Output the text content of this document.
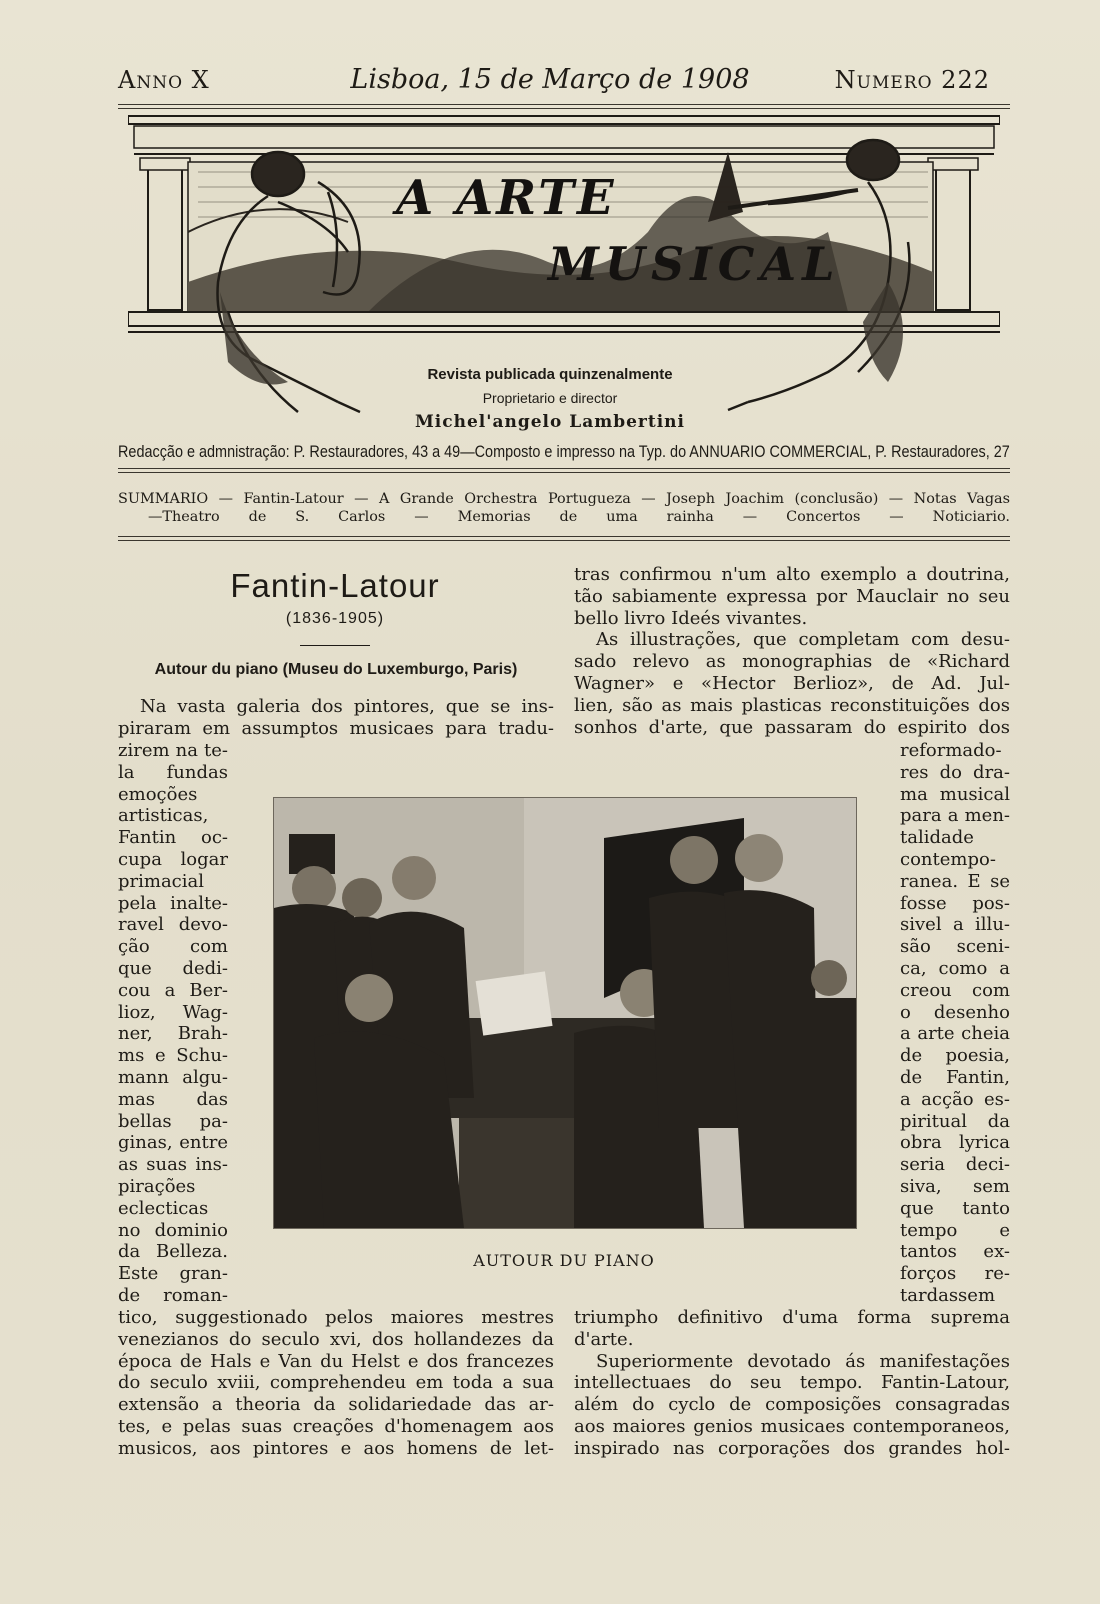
Anno X	Lisboa, 15 de Março de 1908	Numero 222
A ARTE
MUSICAL
Revista publicada quinzenalmente
Proprietario e director
Michel'angelo Lambertini
Redacção e admnistração: P. Restauradores, 43 a 49—Composto e impresso na Typ. do ANNUARIO COMMERCIAL, P. Restauradores, 27
SUMMARIO — Fantin-Latour — A Grande Orchestra Portugueza — Joseph Joachim (conclusão) — Notas Vagas
—Theatro de S. Carlos — Memorias de uma rainha — Concertos — Noticiario.
Fantin-Latour
(1836-1905)
Autour du piano (Museu do Luxemburgo, Paris)
AUTOUR DU PIANO
Na vasta galeria dos pintores, que se ins-
piraram em assumptos musicaes para tradu-
zirem na te-
la fundas
emoções
artisticas,
Fantin oc-
cupa logar
primacial
pela inalte-
ravel devo-
ção com
que dedi-
cou a Ber-
lioz, Wag-
ner, Brah-
ms e Schu-
mann algu-
mas das
bellas pa-
ginas, entre
as suas ins-
pirações
eclecticas
no dominio
da Belleza.
Este gran-
de roman-
tico, suggestionado pelos maiores mestres
venezianos do seculo xvi, dos hollandezes da
época de Hals e Van du Helst e dos francezes
do seculo xviii, comprehendeu em toda a sua
extensão a theoria da solidariedade das ar-
tes, e pelas suas creações d'homenagem aos
musicos, aos pintores e aos homens de let-
tras confirmou n'um alto exemplo a doutrina,
tão sabiamente expressa por Mauclair no seu
bello livro Ideés vivantes.
As illustrações, que completam com desu-
sado relevo as monographias de «Richard
Wagner» e «Hector Berlioz», de Ad. Jul-
lien, são as mais plasticas reconstituições dos
sonhos d'arte, que passaram do espirito dos
reformado-
res do dra-
ma musical
para a men-
talidade
contempo-
ranea. E se
fosse pos-
sivel a illu-
são sceni-
ca, como a
creou com
o desenho
a arte cheia
de poesia,
de Fantin,
a acção es-
piritual da
obra lyrica
seria deci-
siva, sem
que tanto
tempo e
tantos ex-
forços re-
tardassem
triumpho definitivo d'uma forma suprema
d'arte.
Superiormente devotado ás manifestações
intellectuaes do seu tempo. Fantin-Latour,
além do cyclo de composições consagradas
aos maiores genios musicaes contemporaneos,
inspirado nas corporações dos grandes hol-
